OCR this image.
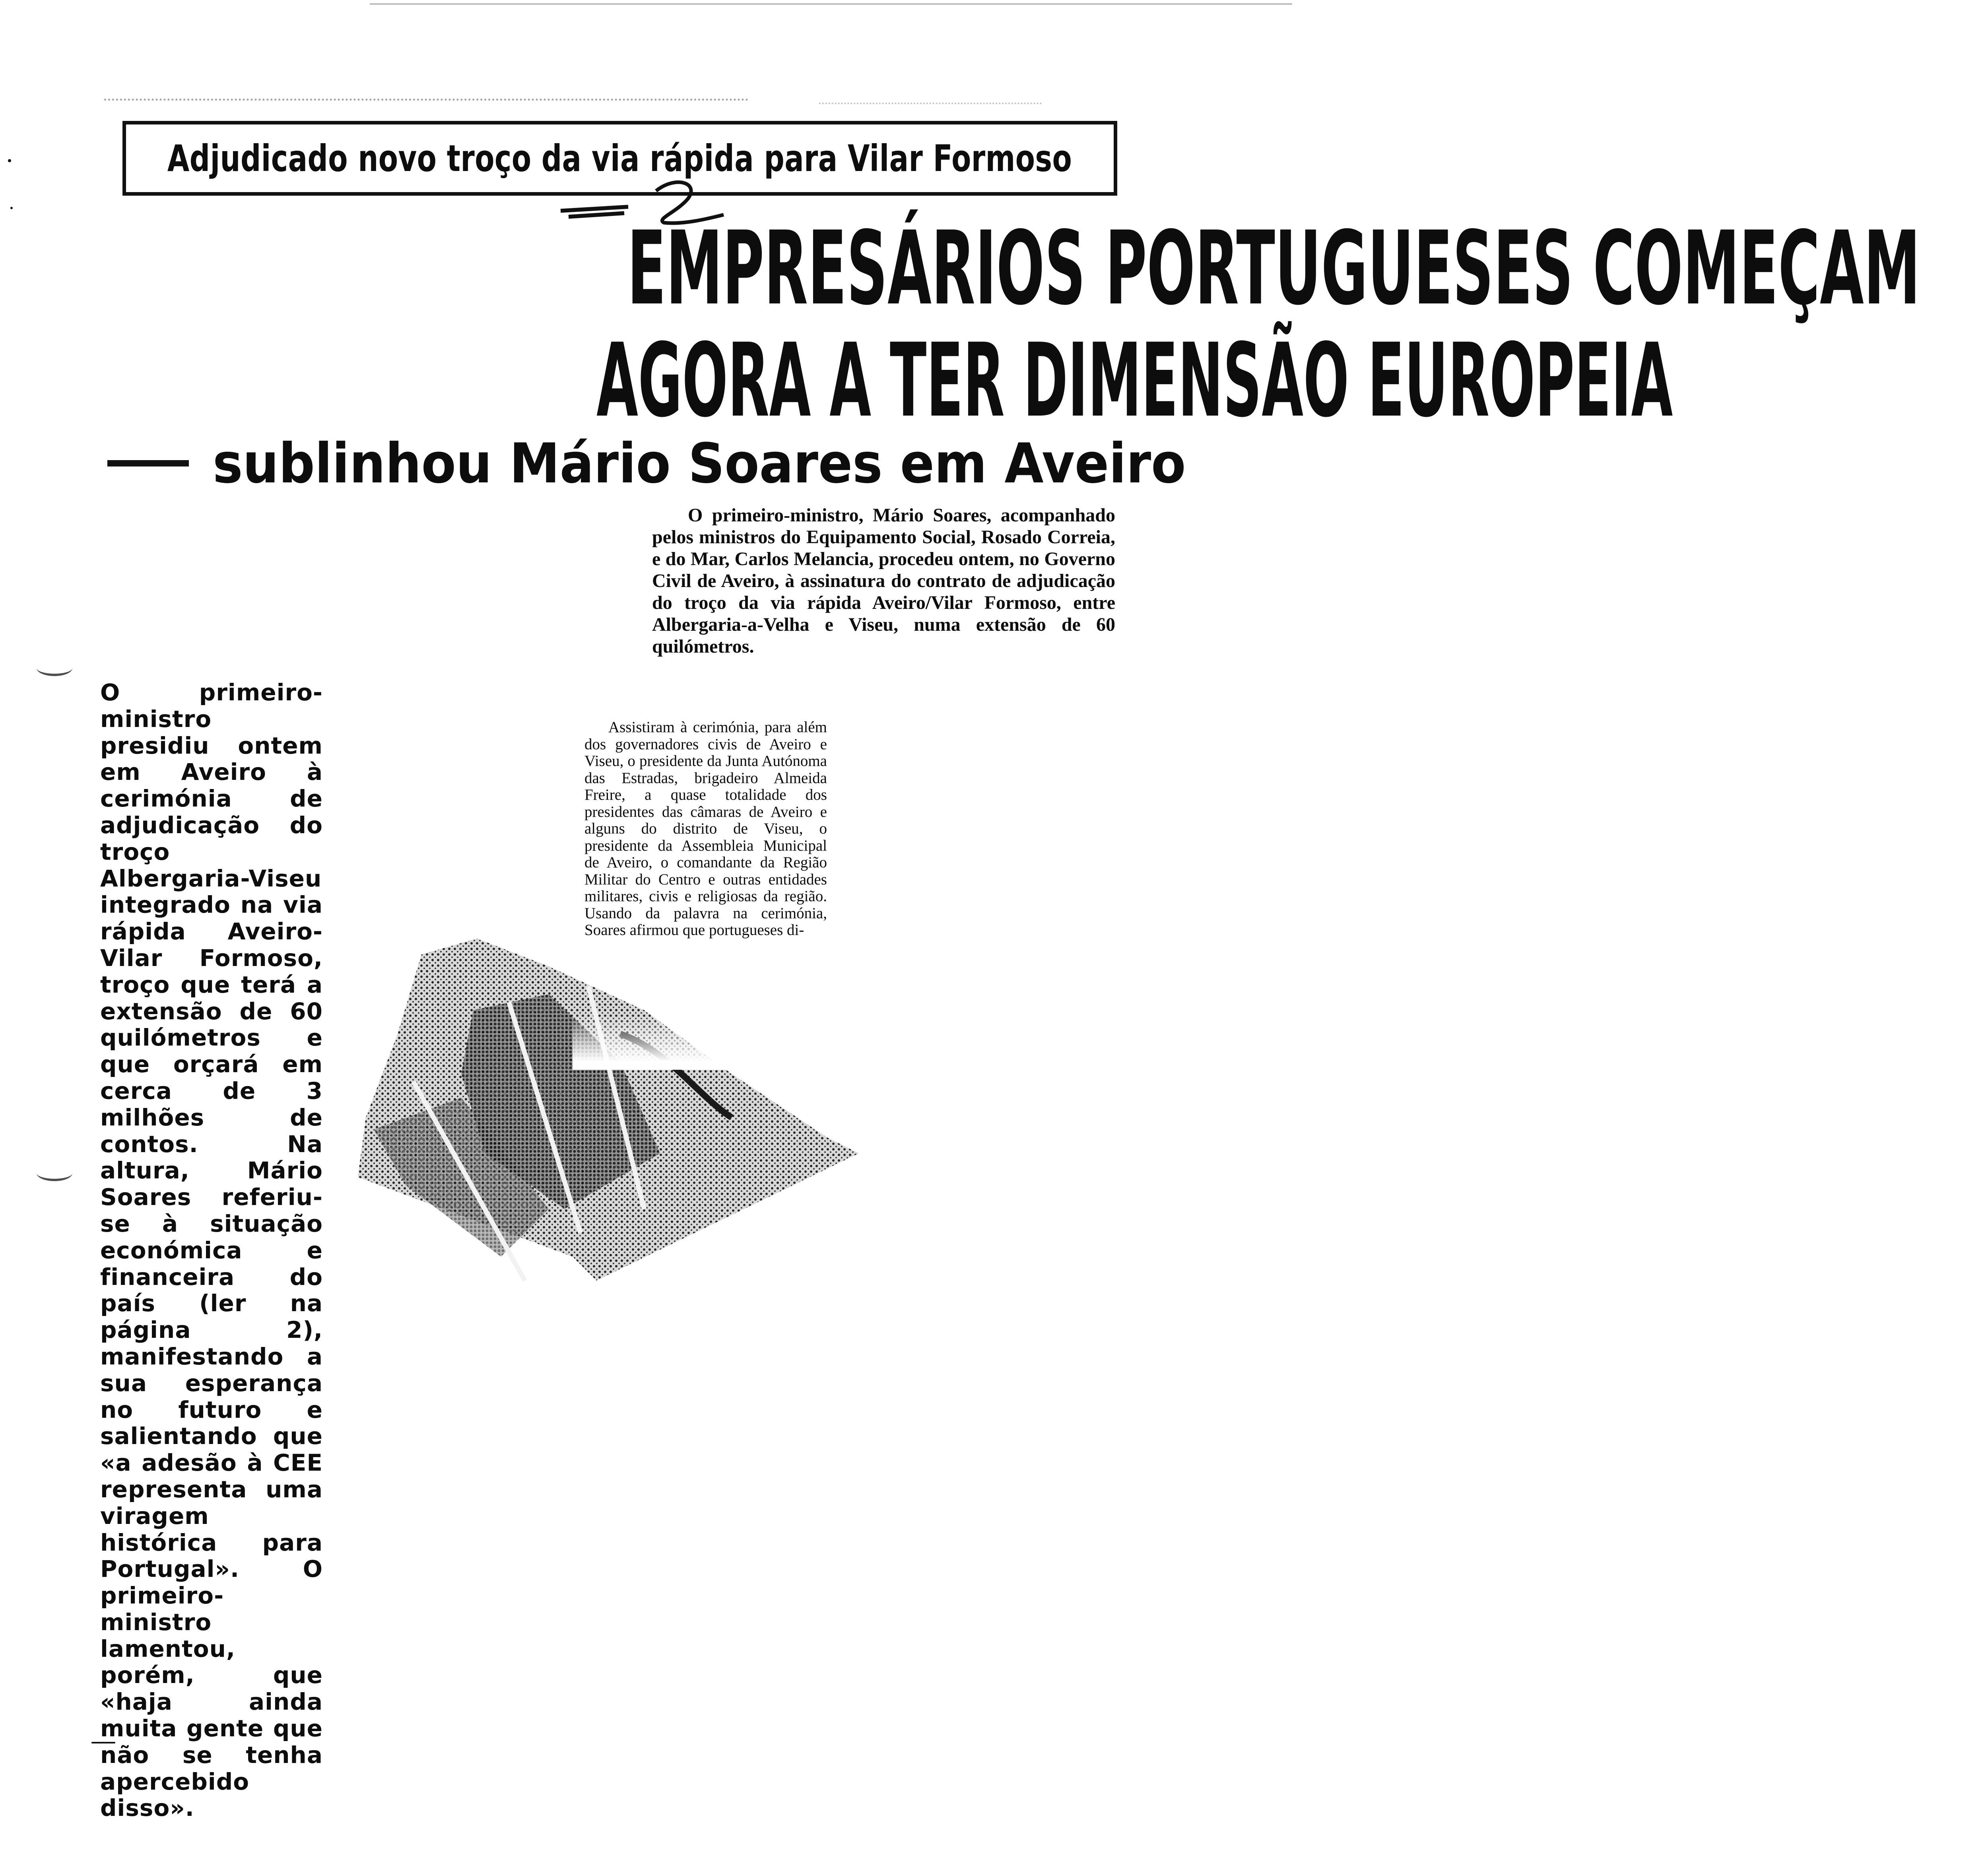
Adjudicado novo troço da via rápida para Vilar Formoso
EMPRESÁRIOS PORTUGUESES COMEÇAM
AGORA A TER DIMENSÃO EUROPEIA
sublinhou Mário Soares em Aveiro

O primeiro-ministro, Mário Soares, acompanhado pelos ministros do Equipamento Social, Rosado Correia, e do Mar, Carlos Melancia, procedeu ontem, no Governo Civil de Aveiro, à assinatura do contrato de adjudicação do troço da via rápida Aveiro/Vilar Formoso, entre Albergaria-a-Velha e Viseu, numa extensão de 60 quilómetros.

O primeiro-ministro presidiu ontem em Aveiro à cerimónia de adjudicação do troço Albergaria-Viseu integrado na via rápida Aveiro-Vilar Formoso, troço que terá a extensão de 60 quilómetros e que orçará em cerca de 3 milhões de contos. Na altura, Mário Soares referiu-se à situação económica e financeira do país (ler na página 2), manifestando a sua esperança no futuro e salientando que «a adesão à CEE representa uma viragem histórica para Portugal». O primeiro-ministro lamentou, porém, que «haja ainda muita gente que não se tenha apercebido disso».

Assistiram à cerimónia, para além dos governadores civis de Aveiro e Viseu, o presidente da Junta Autónoma das Estradas, brigadeiro Almeida Freire, a quase totalidade dos presidentes das câmaras de Aveiro e alguns do distrito de Viseu, o presidente da Assembleia Municipal de Aveiro, o comandante da Região Militar do Centro e outras entidades militares, civis e religiosas da região. Usando da palavra na cerimónia, Soares afirmou que portugueses di-
